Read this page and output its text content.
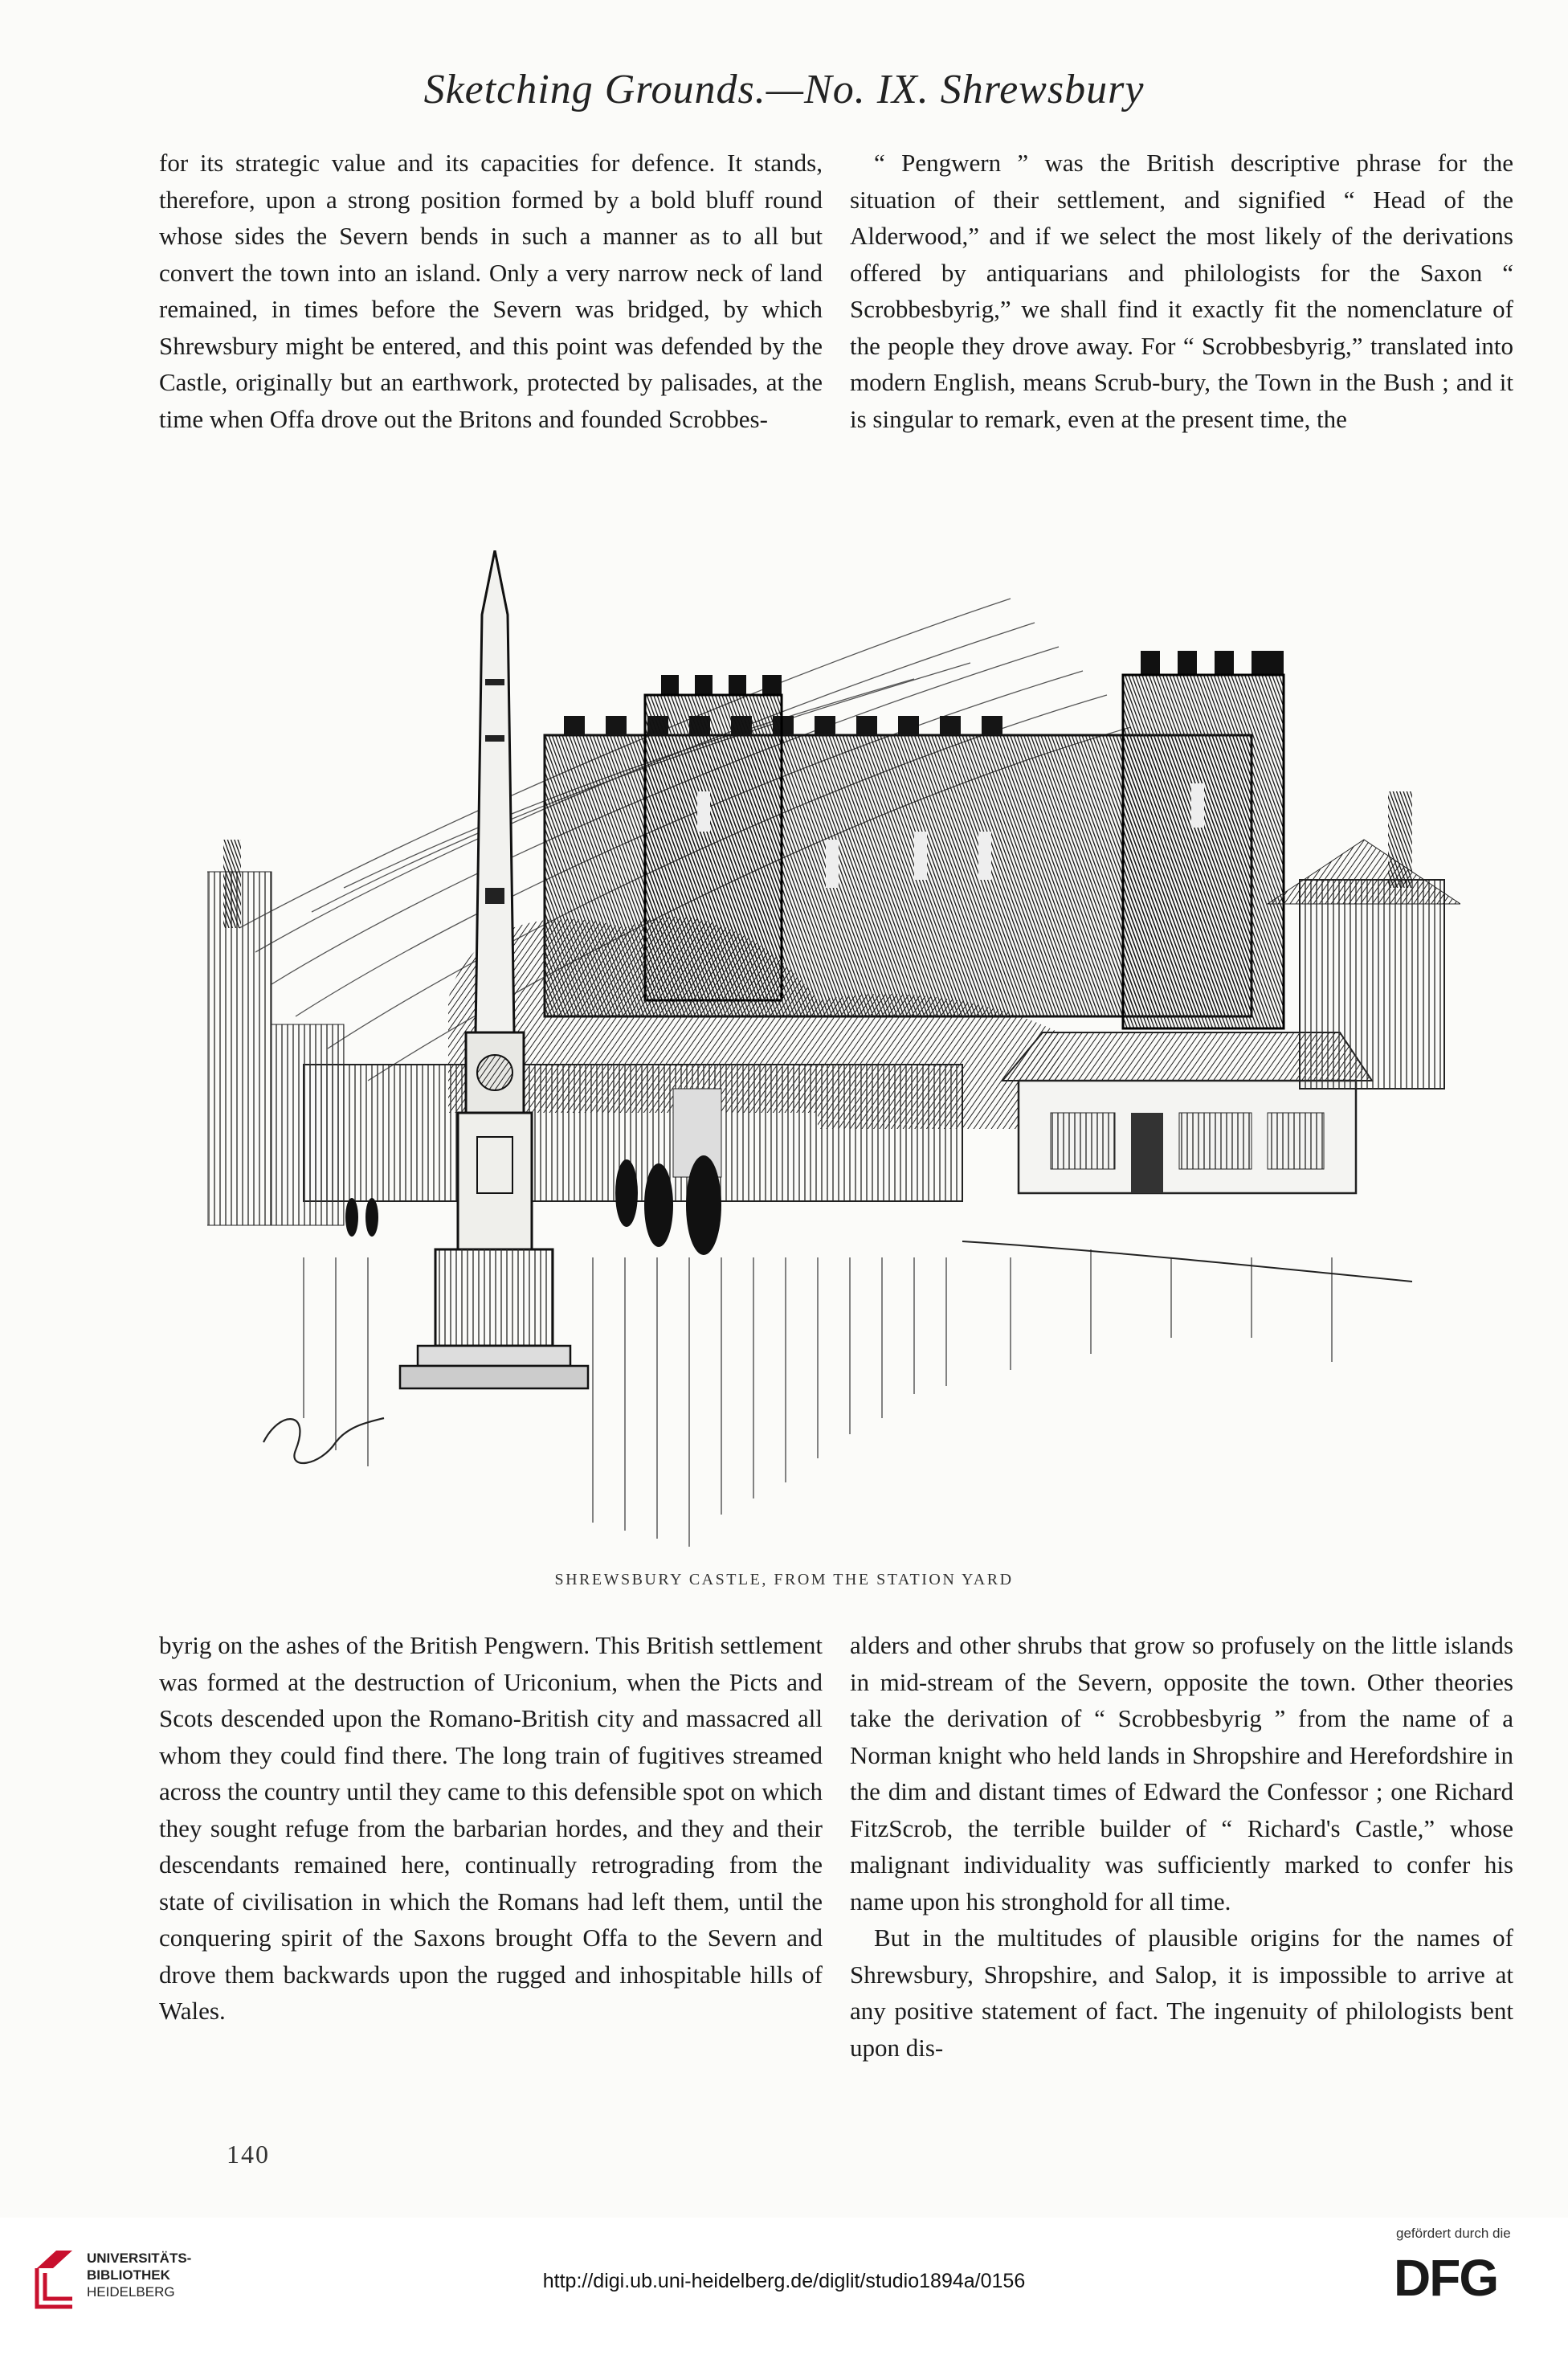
Sketching Grounds.—No. IX. Shrewsbury

for its strategic value and its capacities for defence. It stands, therefore, upon a strong position formed by a bold bluff round whose sides the Severn bends in such a manner as to all but convert the town into an island. Only a very narrow neck of land remained, in times before the Severn was bridged, by which Shrewsbury might be entered, and this point was defended by the Castle, originally but an earthwork, protected by palisades, at the time when Offa drove out the Britons and founded Scrobbes-

“ Pengwern ” was the British descriptive phrase for the situation of their settlement, and signified “ Head of the Alderwood,” and if we select the most likely of the derivations offered by antiquarians and philologists for the Saxon “ Scrobbesbyrig,” we shall find it exactly fit the nomenclature of the people they drove away. For “ Scrobbesbyrig,” translated into modern English, means Scrub-bury, the Town in the Bush ; and it is singular to remark, even at the present time, the

SHREWSBURY CASTLE, FROM THE STATION YARD

byrig on the ashes of the British Pengwern. This British settlement was formed at the destruction of Uriconium, when the Picts and Scots descended upon the Romano-British city and massacred all whom they could find there. The long train of fugitives streamed across the country until they came to this defensible spot on which they sought refuge from the barbarian hordes, and they and their descendants remained here, continually retrograding from the state of civilisation in which the Romans had left them, until the conquering spirit of the Saxons brought Offa to the Severn and drove them backwards upon the rugged and inhospitable hills of Wales.

alders and other shrubs that grow so profusely on the little islands in mid-stream of the Severn, opposite the town. Other theories take the derivation of “ Scrobbesbyrig ” from the name of a Norman knight who held lands in Shropshire and Herefordshire in the dim and distant times of Edward the Confessor ; one Richard FitzScrob, the terrible builder of “ Richard's Castle,” whose malignant individuality was sufficiently marked to confer his name upon his stronghold for all time.

But in the multitudes of plausible origins for the names of Shrewsbury, Shropshire, and Salop, it is impossible to arrive at any positive statement of fact. The ingenuity of philologists bent upon dis-

140
UNIVERSITÄTS-
BIBLIOTHEK
HEIDELBERG	http://digi.ub.uni-heidelberg.de/diglit/studio1894a/0156
gefördert durch die
DFG
